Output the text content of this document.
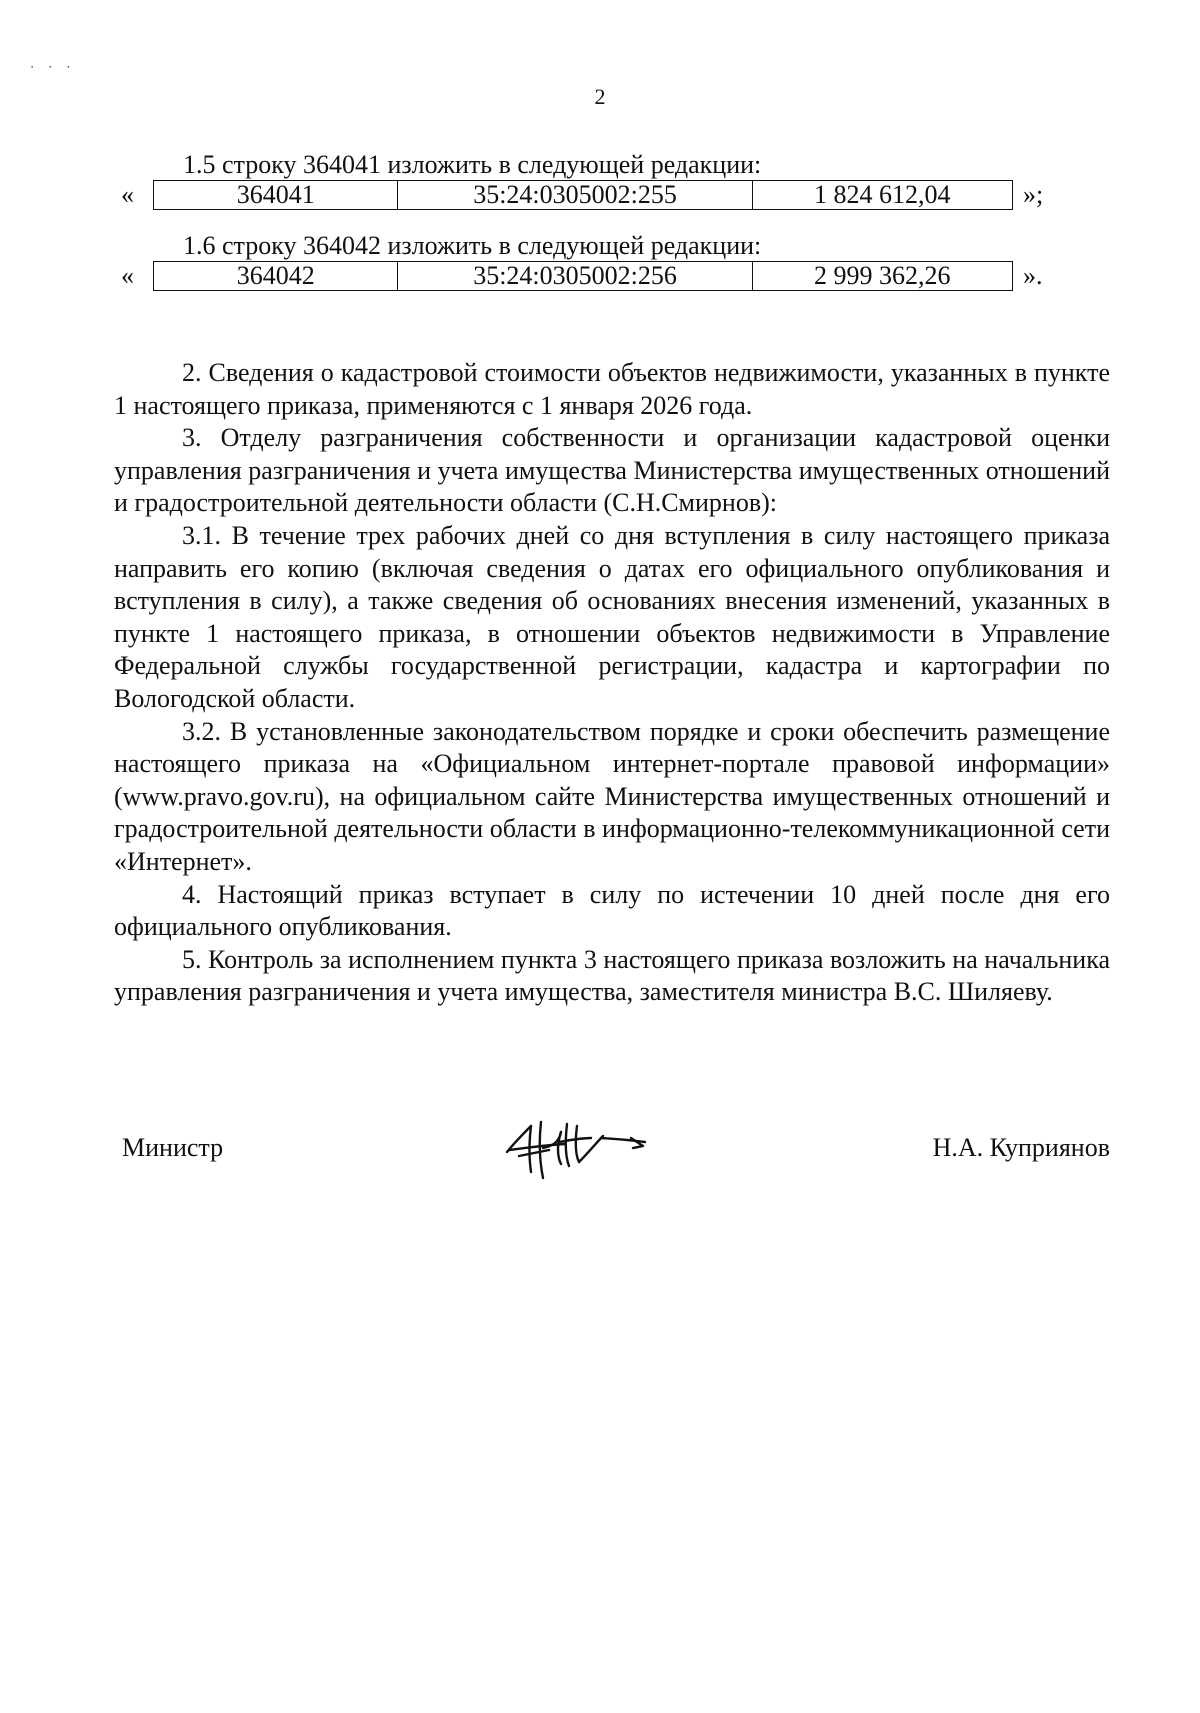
⋅⋅⋅
2
1.5 строку 364041 изложить в следующей редакции:
«	364041	35:24:0305002:255	1 824 612,04	»;
1.6 строку 364042 изложить в следующей редакции:
«	364042	35:24:0305002:256	2 999 362,26	».

2. Сведения о кадастровой стоимости объектов недвижимости, указанных в пункте 1 настоящего приказа, применяются с 1 января 2026 года.

3. Отделу разграничения собственности и организации кадастровой оценки управления разграничения и учета имущества Министерства имущественных отношений и градостроительной деятельности области (С.Н.Смирнов):

3.1. В течение трех рабочих дней со дня вступления в силу настоящего приказа направить его копию (включая сведения о датах его официального опубликования и вступления в силу), а также сведения об основаниях внесения изменений, указанных в пункте 1 настоящего приказа, в отношении объектов недвижимости в Управление Федеральной службы государственной регистрации, кадастра и картографии по Вологодской области.

3.2. В установленные законодательством порядке и сроки обеспечить размещение настоящего приказа на «Официальном интернет-портале правовой информации» (www.pravo.gov.ru), на официальном сайте Министерства имущественных отношений и градостроительной деятельности области в информационно-телекоммуникационной сети «Интернет».

4. Настоящий приказ вступает в силу по истечении 10 дней после дня его официального опубликования.

5. Контроль за исполнением пункта 3 настоящего приказа возложить на начальника управления разграничения и учета имущества, заместителя министра В.С. Шиляеву.

Министр	Н.А. Куприянов
